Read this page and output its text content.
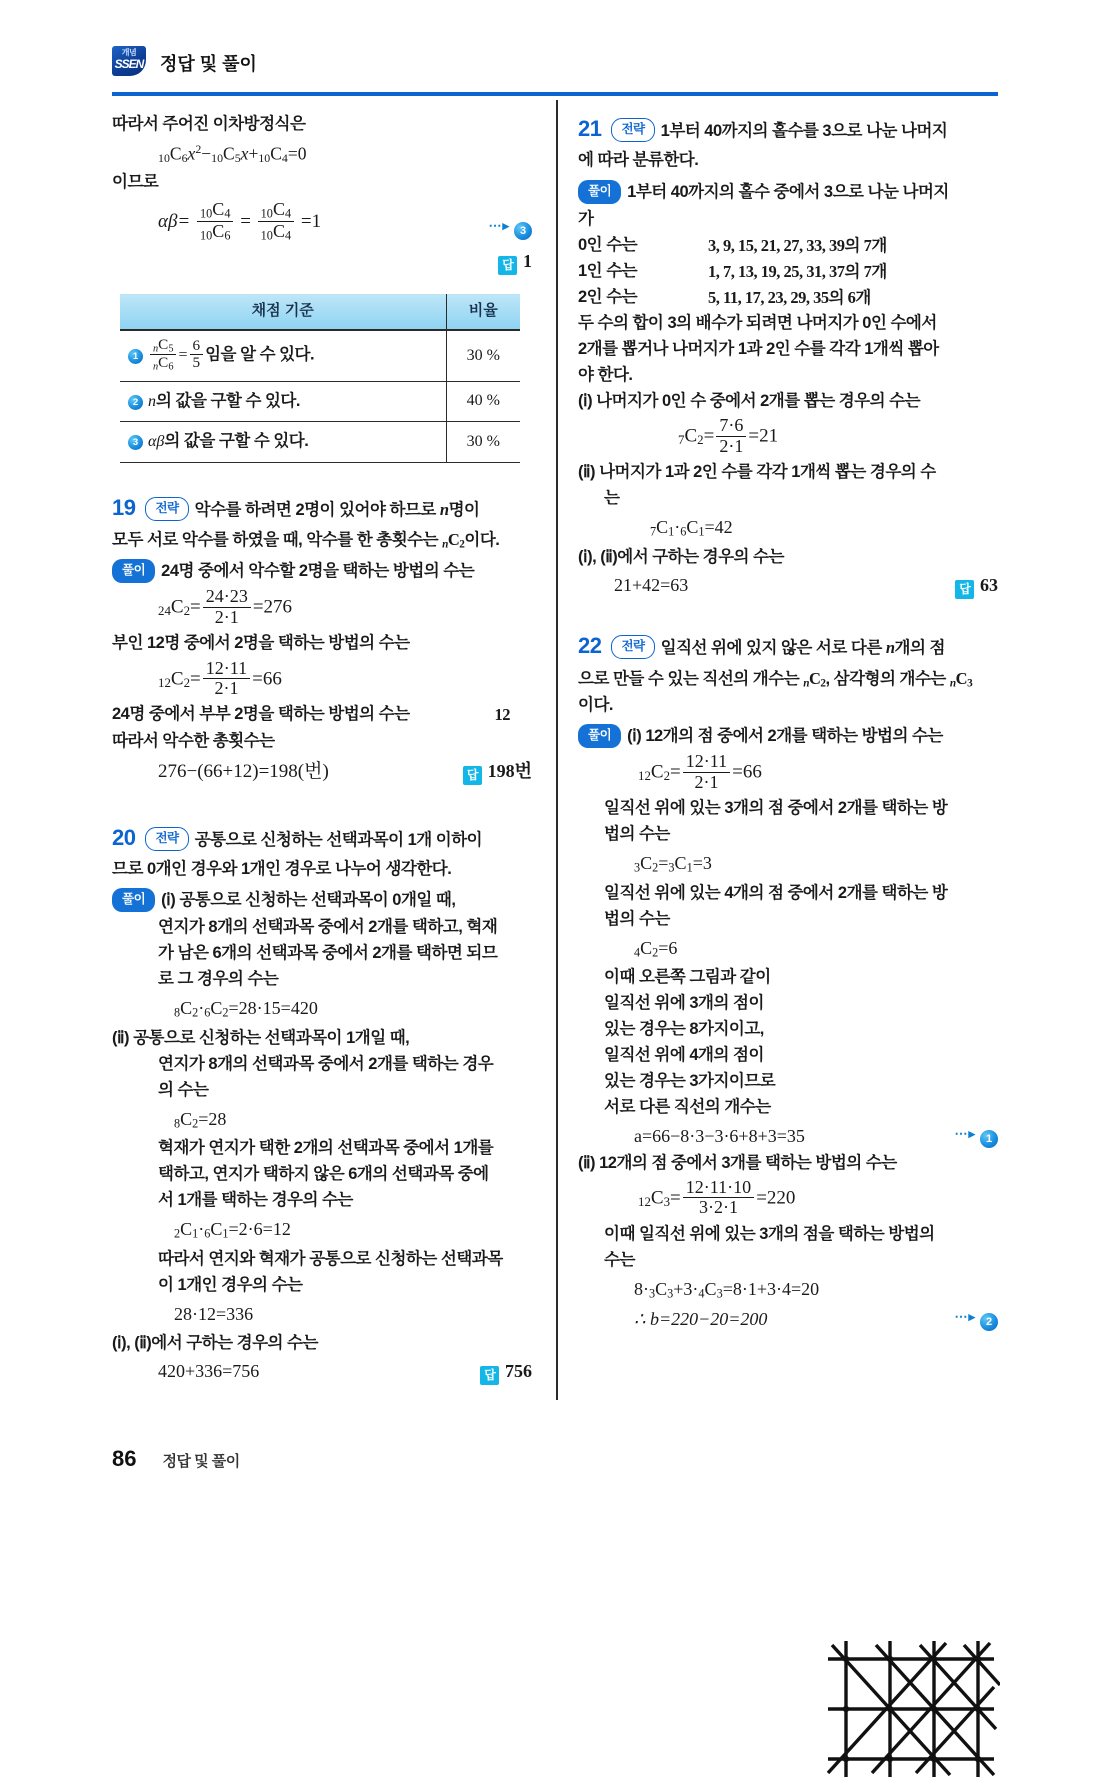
개념
SSEN 정답 및 풀이

따라서 주어진 이차방정식은

$10C6x^2-10C5x+10C4=0$

이므로

$\alpha\beta= \frac{10C4}{10C6} = \frac{10C4}{10C4} =1$	⋯▸ 3
답 1
채점 기준	비율
$1 \frac{nC5}{nC6} = \frac{6}{5}$ 임을 알 수 있다.	30 %
2 n의 값을 구할 수 있다.	40 %
3 αβ의 값을 구할 수 있다.	30 %

19 전략 악수를 하려면 2명이 있어야 하므로 n명이

모두 서로 악수를 하였을 때, 악수를 한 총횟수는 nC2이다.

풀이 24명 중에서 악수할 2명을 택하는 방법의 수는

$24C2= \frac{24\cdot 23}{2\cdot 1} =276$

부인 12명 중에서 2명을 택하는 방법의 수는

$12C2= \frac{12\cdot 11}{2\cdot 1} =66$

24명 중에서 부부 2명을 택하는 방법의 수는	12

따라서 악수한 총횟수는

276−(66+12)=198(번)	답 198번

20 전략 공통으로 신청하는 선택과목이 1개 이하이

므로 0개인 경우와 1개인 경우로 나누어 생각한다.

풀이 (ⅰ) 공통으로 신청하는 선택과목이 0개일 때,

연지가 8개의 선택과목 중에서 2개를 택하고, 혁재

가 남은 6개의 선택과목 중에서 2개를 택하면 되므

로 그 경우의 수는

8C2·6C2=28·15=420

(ⅱ) 공통으로 신청하는 선택과목이 1개일 때,

연지가 8개의 선택과목 중에서 2개를 택하는 경우

의 수는

8C2=28

혁재가 연지가 택한 2개의 선택과목 중에서 1개를

택하고, 연지가 택하지 않은 6개의 선택과목 중에

서 1개를 택하는 경우의 수는

2C1·6C1=2·6=12

따라서 연지와 혁재가 공통으로 신청하는 선택과목

이 1개인 경우의 수는

28·12=336

(ⅰ), (ⅱ)에서 구하는 경우의 수는

420+336=756	답 756

21 전략 1부터 40까지의 홀수를 3으로 나눈 나머지

에 따라 분류한다.

풀이 1부터 40까지의 홀수 중에서 3으로 나눈 나머지

가

0인 수는	3, 9, 15, 21, 27, 33, 39의 7개

1인 수는	1, 7, 13, 19, 25, 31, 37의 7개

2인 수는	5, 11, 17, 23, 29, 35의 6개

두 수의 합이 3의 배수가 되려면 나머지가 0인 수에서

2개를 뽑거나 나머지가 1과 2인 수를 각각 1개씩 뽑아

야 한다.

(ⅰ) 나머지가 0인 수 중에서 2개를 뽑는 경우의 수는

$7C2= \frac{7\cdot 6}{2\cdot 1} =21$

(ⅱ) 나머지가 1과 2인 수를 각각 1개씩 뽑는 경우의 수

는

7C1·6C1=42

(ⅰ), (ⅱ)에서 구하는 경우의 수는

21+42=63	답 63

22 전략 일직선 위에 있지 않은 서로 다른 n개의 점

으로 만들 수 있는 직선의 개수는 nC2, 삼각형의 개수는 nC3

이다.

풀이 (ⅰ) 12개의 점 중에서 2개를 택하는 방법의 수는

$12C2= \frac{12\cdot 11}{2\cdot 1} =66$

일직선 위에 있는 3개의 점 중에서 2개를 택하는 방

법의 수는

3C2=3C1=3

일직선 위에 있는 4개의 점 중에서 2개를 택하는 방

법의 수는

4C2=6

이때 오른쪽 그림과 같이

일직선 위에 3개의 점이

있는 경우는 8가지이고,

일직선 위에 4개의 점이

있는 경우는 3가지이므로

서로 다른 직선의 개수는

a=66−8·3−3·6+8+3=35	⋯▸ 1

(ⅱ) 12개의 점 중에서 3개를 택하는 방법의 수는

$12C3= \frac{12\cdot 11\cdot 10}{3\cdot 2\cdot 1} =220$

이때 일직선 위에 있는 3개의 점을 택하는 방법의

수는

8·3C3+3·4C3=8·1+3·4=20

∴ b=220−20=200	⋯▸ 2
86 정답 및 풀이
